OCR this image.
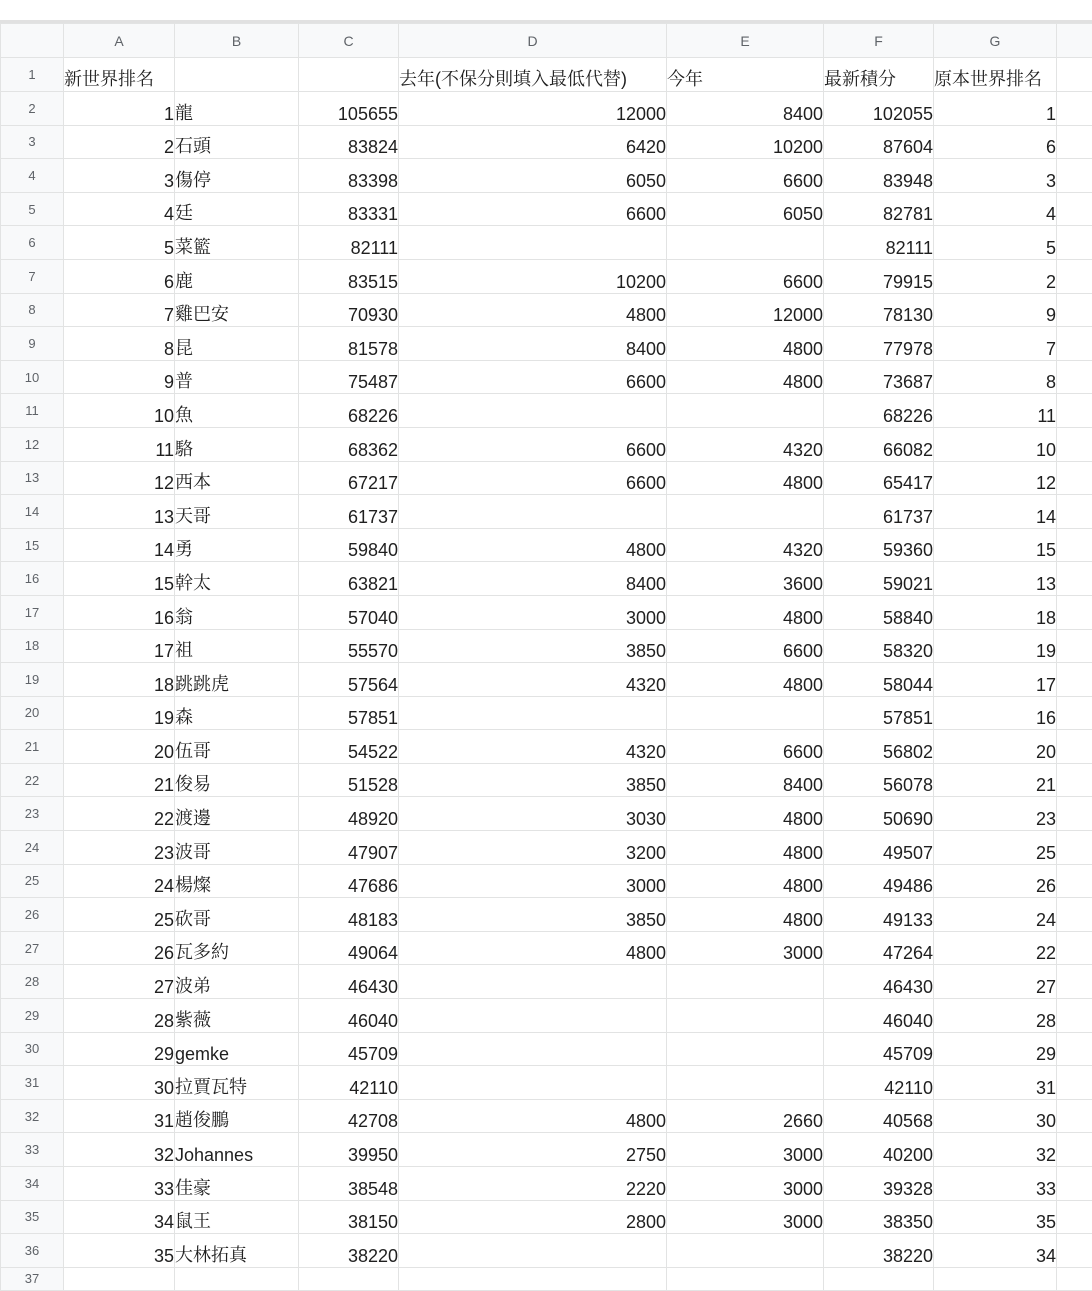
	A	B	C	D	E	F	G	
1	新世界排名			去年(不保分則填入最低代替)	今年	最新積分	原本世界排名	
2	1	龍	105655	12000	8400	102055	1	
3	2	石頭	83824	6420	10200	87604	6	
4	3	傷停	83398	6050	6600	83948	3	
5	4	廷	83331	6600	6050	82781	4	
6	5	菜籃	82111			82111	5	
7	6	鹿	83515	10200	6600	79915	2	
8	7	雞巴安	70930	4800	12000	78130	9	
9	8	昆	81578	8400	4800	77978	7	
10	9	普	75487	6600	4800	73687	8	
11	10	魚	68226			68226	11	
12	11	駱	68362	6600	4320	66082	10	
13	12	西本	67217	6600	4800	65417	12	
14	13	天哥	61737			61737	14	
15	14	勇	59840	4800	4320	59360	15	
16	15	幹太	63821	8400	3600	59021	13	
17	16	翁	57040	3000	4800	58840	18	
18	17	祖	55570	3850	6600	58320	19	
19	18	跳跳虎	57564	4320	4800	58044	17	
20	19	森	57851			57851	16	
21	20	伍哥	54522	4320	6600	56802	20	
22	21	俊易	51528	3850	8400	56078	21	
23	22	渡邊	48920	3030	4800	50690	23	
24	23	波哥	47907	3200	4800	49507	25	
25	24	楊燦	47686	3000	4800	49486	26	
26	25	砍哥	48183	3850	4800	49133	24	
27	26	瓦多約	49064	4800	3000	47264	22	
28	27	波弟	46430			46430	27	
29	28	紫薇	46040			46040	28	
30	29	gemke	45709			45709	29	
31	30	拉賈瓦特	42110			42110	31	
32	31	趙俊鵬	42708	4800	2660	40568	30	
33	32	Johannes	39950	2750	3000	40200	32	
34	33	佳豪	38548	2220	3000	39328	33	
35	34	鼠王	38150	2800	3000	38350	35	
36	35	大林拓真	38220			38220	34	
37								
